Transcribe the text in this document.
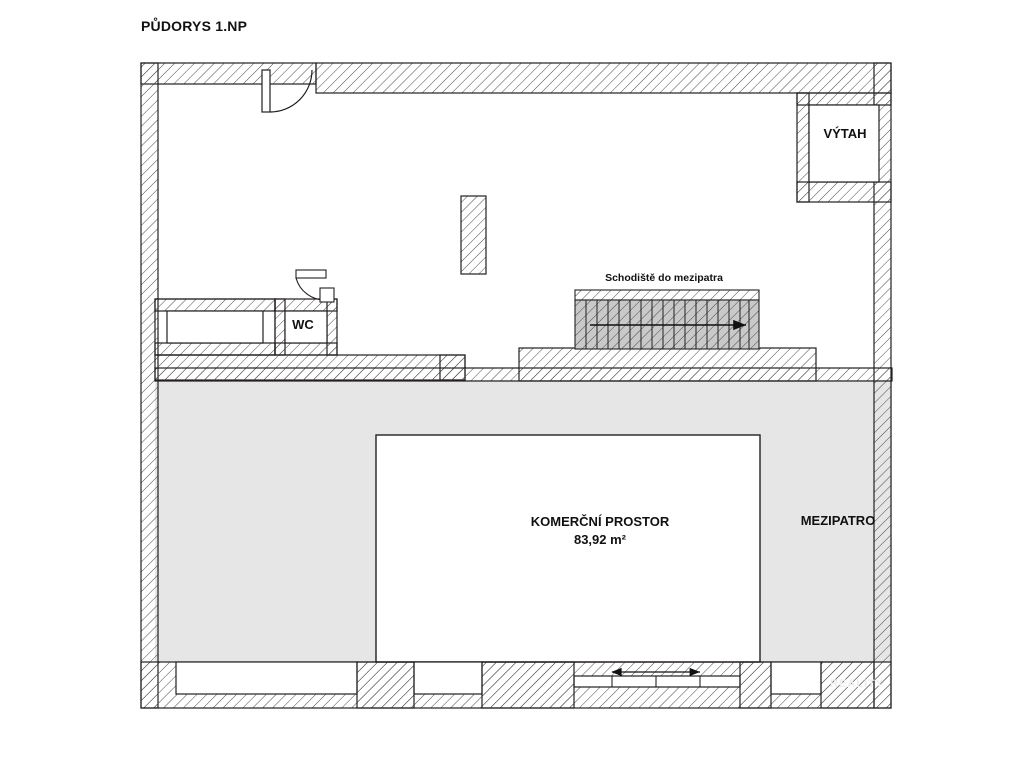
PŮDORYS 1.NP
VÝTAH
WC
Schodiště do mezipatra
MEZIPATRO
KOMERČNÍ PROSTOR
83,92 m²
REALITY
